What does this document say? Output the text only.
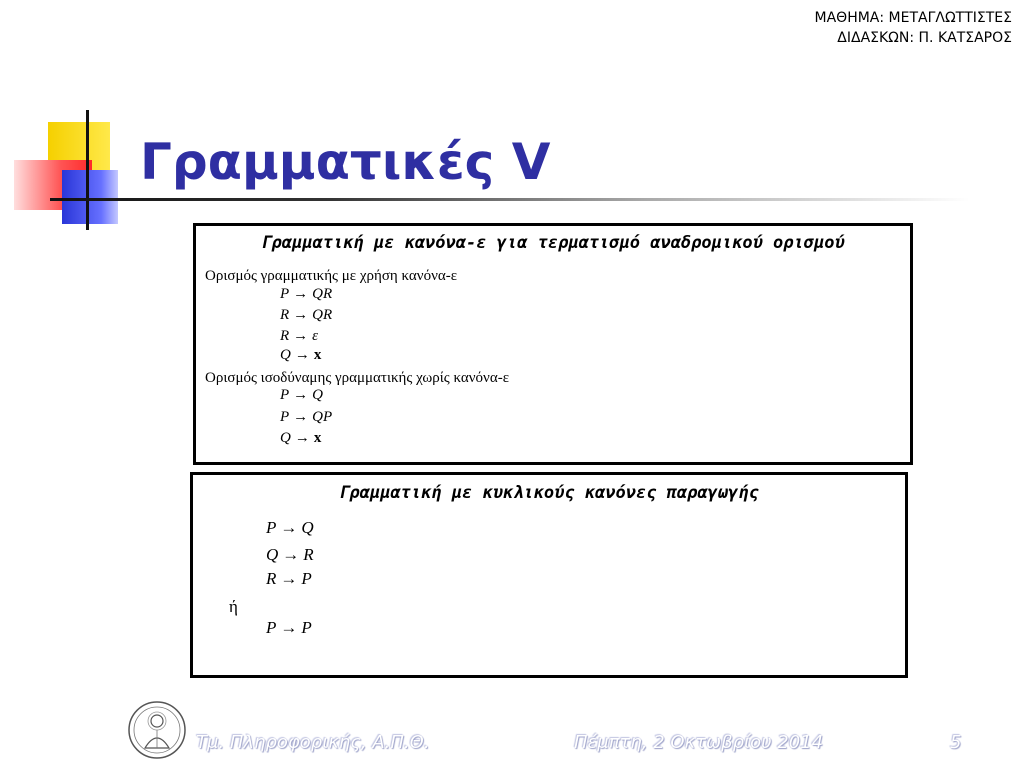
ΜΑΘΗΜΑ: ΜΕΤΑΓΛΩΤΤΙΣΤΕΣ
ΔΙΔΑΣΚΩΝ: Π. ΚΑΤΣΑΡΟΣ
Γραμματικές V
Γραμματική με κανόνα-ε για τερματισμό αναδρομικού ορισμού
Ορισμός γραμματικής με χρήση κανόνα-ε
P → QR
R → QR
R → ε
Q → x
Ορισμός ισοδύναμης γραμματικής χωρίς κανόνα-ε
P → Q
P → QP
Q → x
Γραμματική με κυκλικούς κανόνες παραγωγής
P → Q
Q → R
R → P
ή
P → P
Τμ. Πληροφορικής, Α.Π.Θ.	Πέμπτη, 2 Οκτωβρίου 2014	5
